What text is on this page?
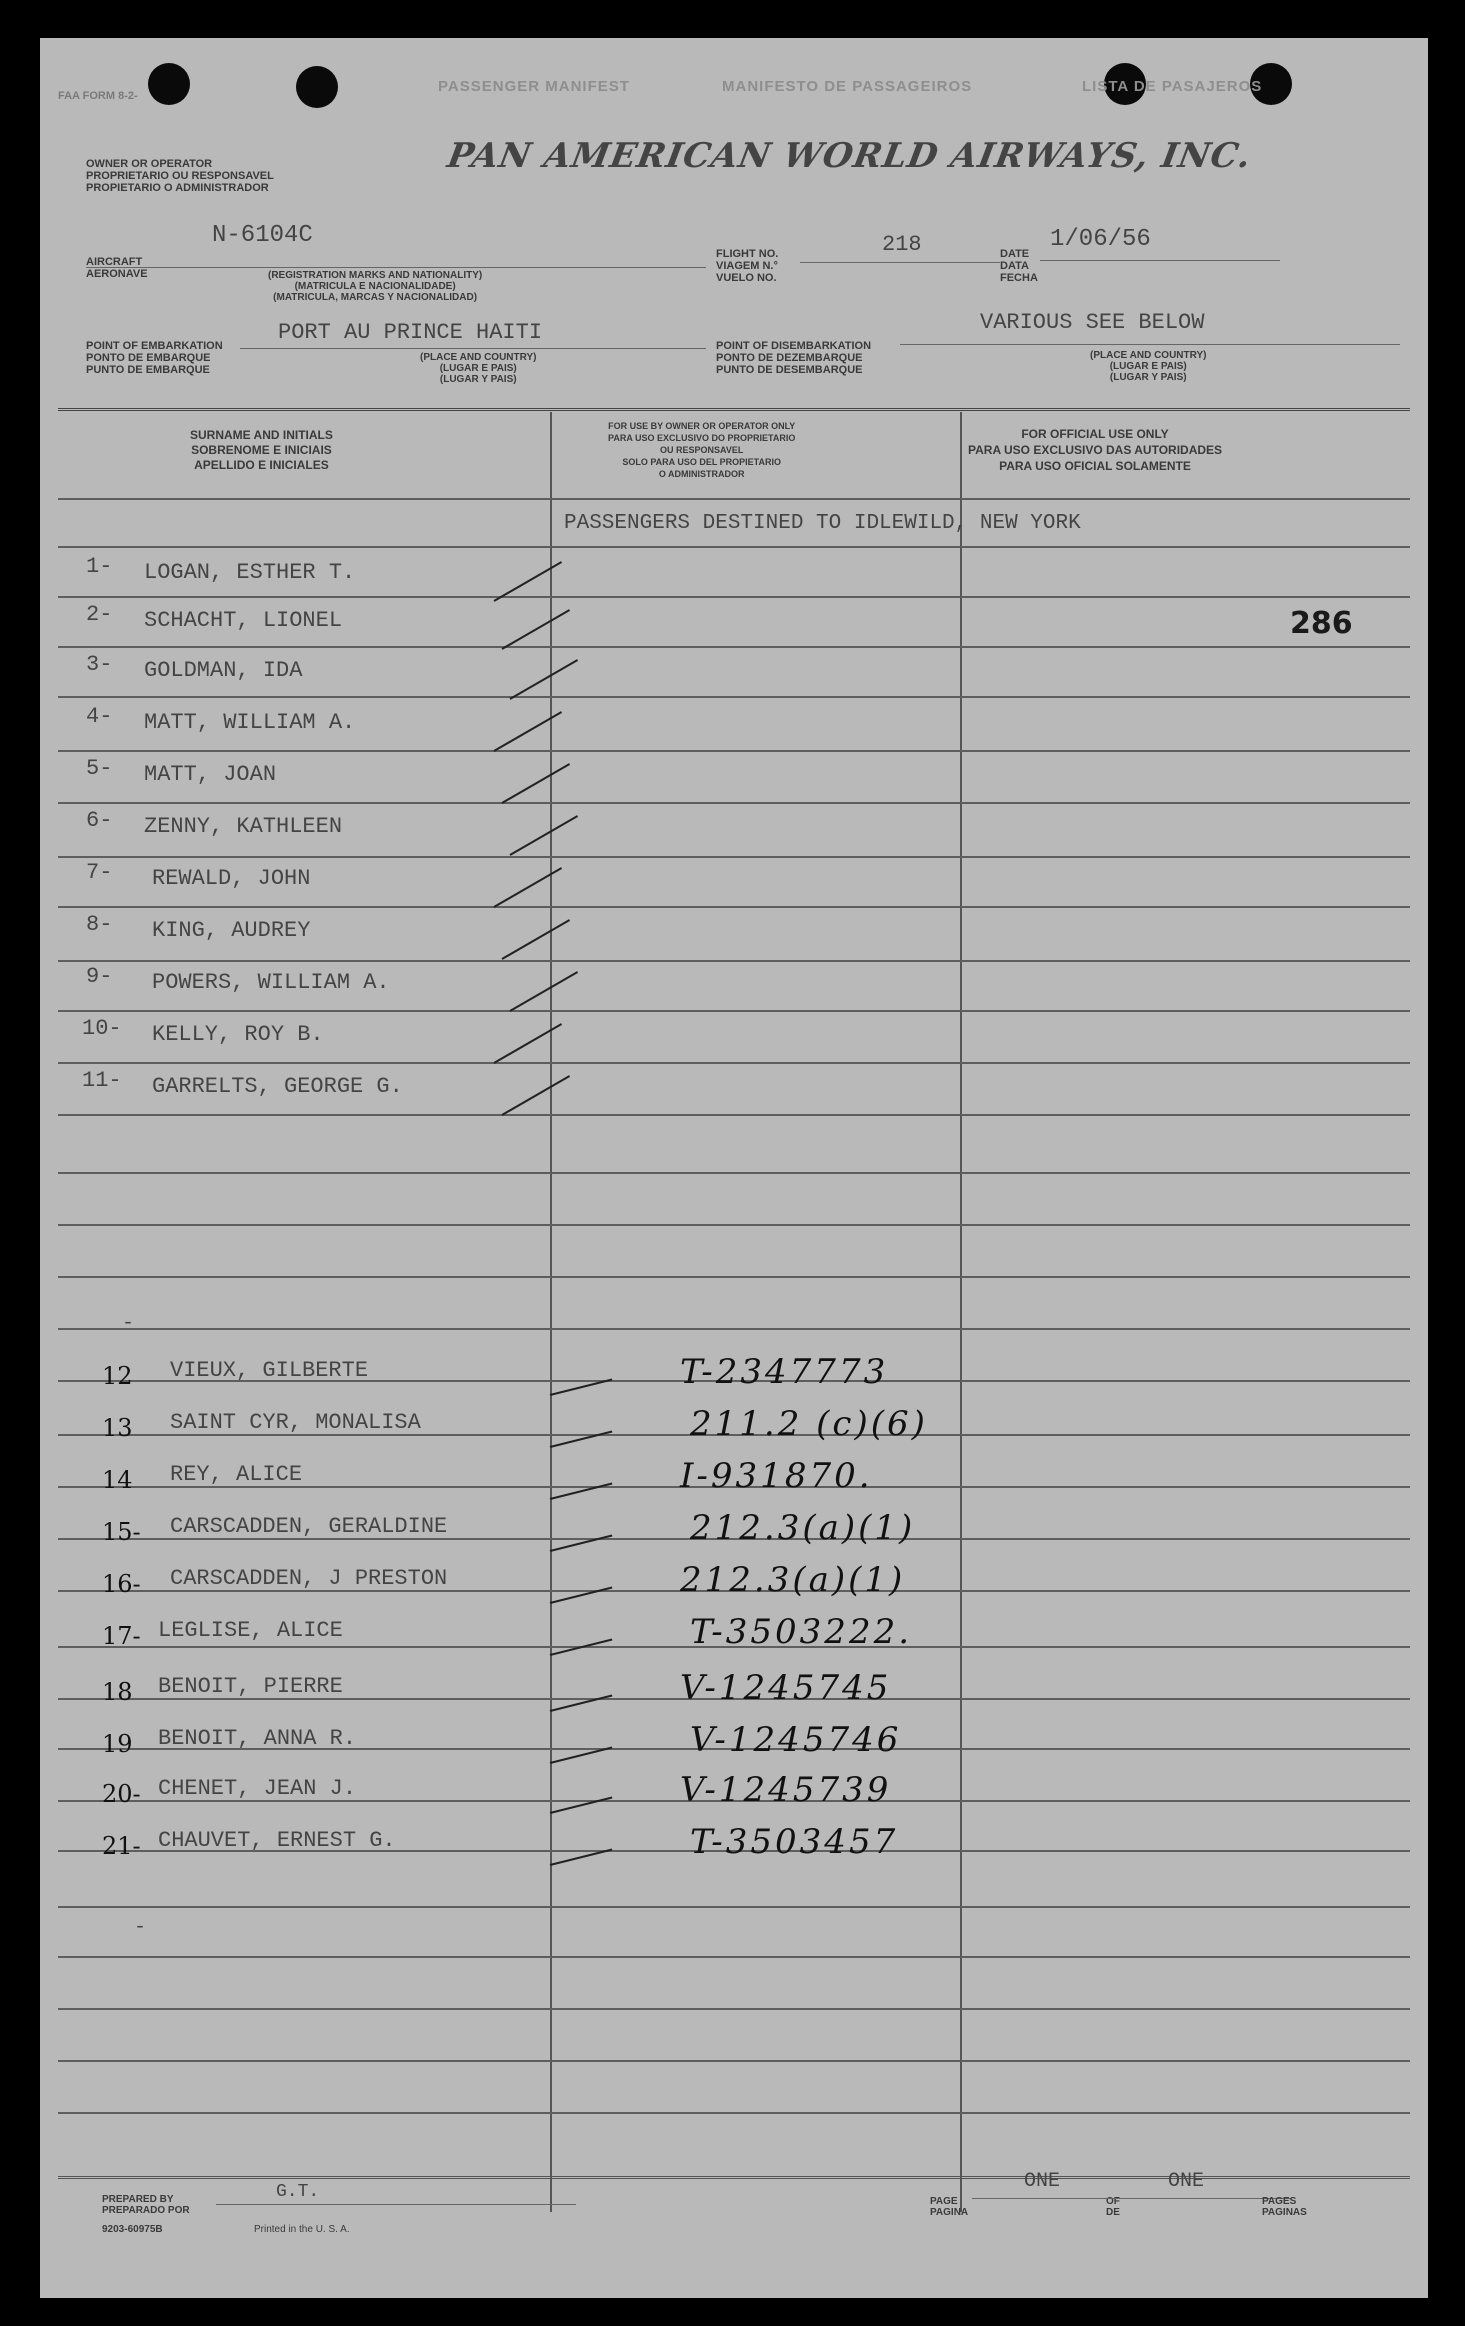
FAA FORM 8-2-
PASSENGER MANIFEST	MANIFESTO DE PASSAGEIROS	LISTA DE PASAJEROS
OWNER OR OPERATOR
PROPRIETARIO OU RESPONSAVEL
PROPIETARIO O ADMINISTRADOR
PAN AMERICAN WORLD AIRWAYS, INC.
AIRCRAFT
AERONAVE
N-6104C
(REGISTRATION MARKS AND NATIONALITY)
(MATRICULA E NACIONALIDADE)
(MATRICULA, MARCAS Y NACIONALIDAD)
FLIGHT NO.
VIAGEM N.°
VUELO NO.
218	DATE
DATA
FECHA
1/06/56
POINT OF EMBARKATION
PONTO DE EMBARQUE
PUNTO DE EMBARQUE
PORT AU PRINCE HAITI
(PLACE AND COUNTRY)
(LUGAR E PAIS)
(LUGAR Y PAIS)
POINT OF DISEMBARKATION
PONTO DE DEZEMBARQUE
PUNTO DE DESEMBARQUE
VARIOUS SEE BELOW
(PLACE AND COUNTRY)
(LUGAR E PAIS)
(LUGAR Y PAIS)
SURNAME AND INITIALS
SOBRENOME E INICIAIS
APELLIDO E INICIALES
FOR USE BY OWNER OR OPERATOR ONLY
PARA USO EXCLUSIVO DO PROPRIETARIO
OU RESPONSAVEL
SOLO PARA USO DEL PROPIETARIO
O ADMINISTRADOR
FOR OFFICIAL USE ONLY
PARA USO EXCLUSIVO DAS AUTORIDADES
PARA USO OFICIAL SOLAMENTE
PASSENGERS DESTINED TO IDLEWILD, NEW YORK
286
1- LOGAN, ESTHER T.
2- SCHACHT, LIONEL
3- GOLDMAN, IDA
4- MATT, WILLIAM A.
5- MATT, JOAN
6- ZENNY, KATHLEEN
7- REWALD, JOHN
8- KING, AUDREY
9- POWERS, WILLIAM A.
10- KELLY, ROY B.
11- GARRELTS, GEORGE G.
-
12 VIEUX, GILBERTE	T-2347773
13 SAINT CYR, MONALISA	211.2 (c)(6)
14 REY, ALICE	I-931870.
15- CARSCADDEN, GERALDINE	212.3(a)(1)
16- CARSCADDEN, J PRESTON	212.3(a)(1)
17- LEGLISE, ALICE	T-3503222.
18 BENOIT, PIERRE	V-1245745
19 BENOIT, ANNA R.	V-1245746
20- CHENET, JEAN J.	V-1245739
21- CHAUVET, ERNEST G.	T-3503457
-
PREPARED BY
PREPARADO POR
G.T.
9203-60975B	Printed in the U. S. A.
PAGE
PAGINA
ONE
OF
DE
ONE
PAGES
PAGINAS
